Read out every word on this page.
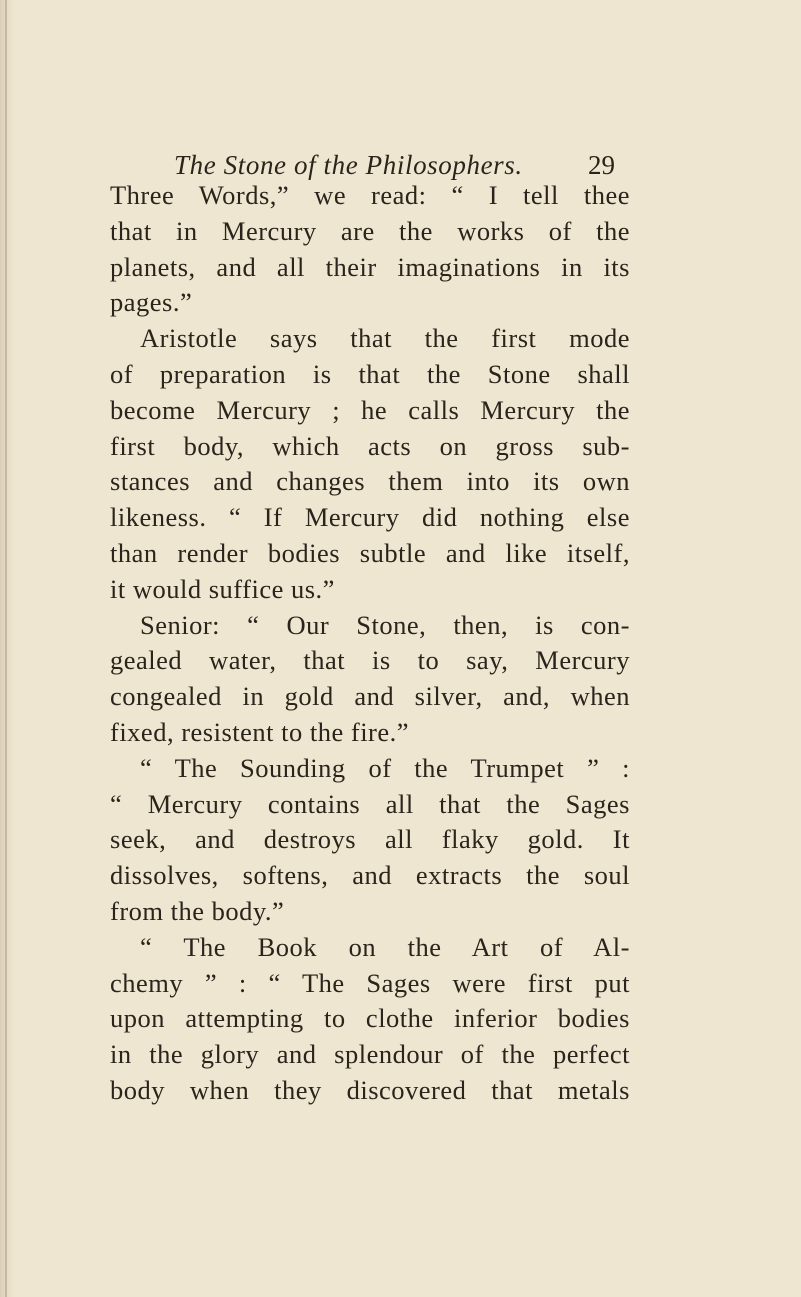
The Stone of the Philosophers. 29
Three Words,” we read: “ I tell thee
that in Mercury are the works of the
planets, and all their imaginations in its
pages.”
Aristotle says that the first mode
of preparation is that the Stone shall
become Mercury ; he calls Mercury the
first body, which acts on gross sub-
stances and changes them into its own
likeness. “ If Mercury did nothing else
than render bodies subtle and like itself,
it would suffice us.”
Senior: “ Our Stone, then, is con-
gealed water, that is to say, Mercury
congealed in gold and silver, and, when
fixed, resistent to the fire.”
“ The Sounding of the Trumpet ” :
“ Mercury contains all that the Sages
seek, and destroys all flaky gold. It
dissolves, softens, and extracts the soul
from the body.”
“ The Book on the Art of Al-
chemy ” : “ The Sages were first put
upon attempting to clothe inferior bodies
in the glory and splendour of the perfect
body when they discovered that metals
